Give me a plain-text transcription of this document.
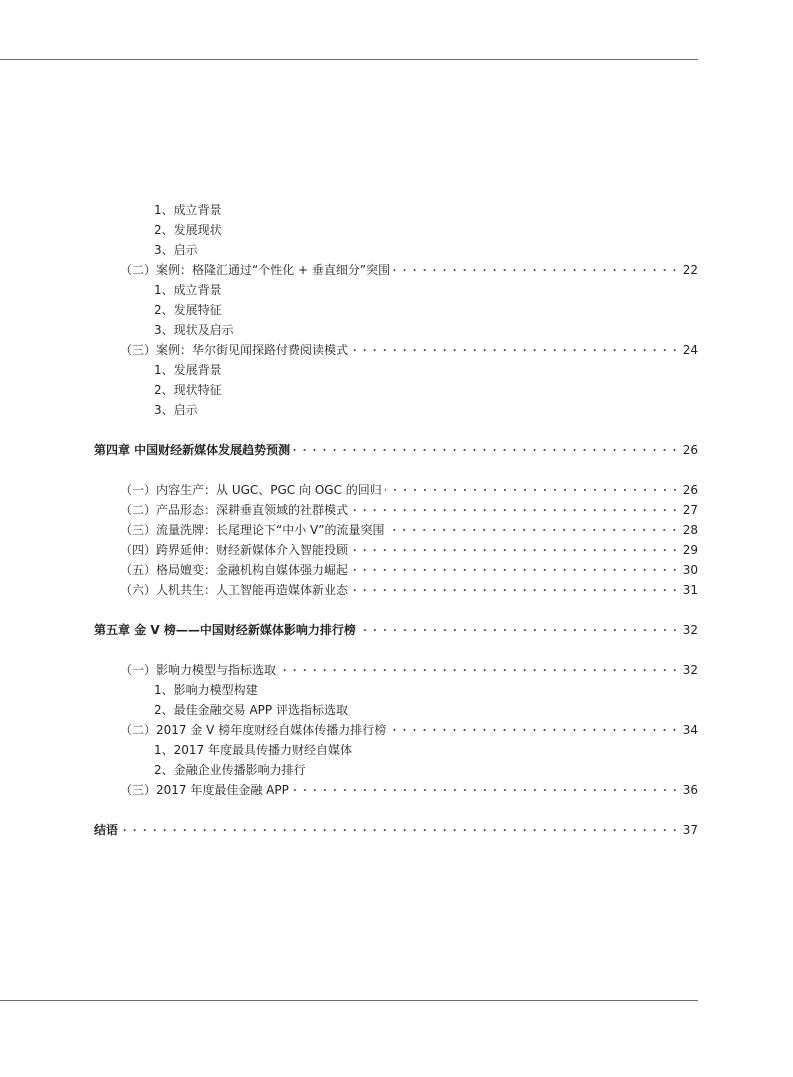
1、成立背景
2、发展现状
3、启示
（二）案例：格隆汇通过“个性化 + 垂直细分”突围	22
1、成立背景
2、发展特征
3、现状及启示
（三）案例：华尔街见闻探路付费阅读模式	24
1、发展背景
2、现状特征
3、启示
第四章 中国财经新媒体发展趋势预测	26
（一）内容生产：从 UGC、PGC 向 OGC 的回归	26
（二）产品形态：深耕垂直领域的社群模式	27
（三）流量洗牌：长尾理论下“中小 V”的流量突围	28
（四）跨界延伸：财经新媒体介入智能投顾	29
（五）格局嬗变：金融机构自媒体强力崛起	30
（六）人机共生：人工智能再造媒体新业态	31
第五章 金 V 榜——中国财经新媒体影响力排行榜	32
（一）影响力模型与指标选取	32
1、影响力模型构建
2、最佳金融交易 APP 评选指标选取
（二）2017 金 V 榜年度财经自媒体传播力排行榜	34
1、2017 年度最具传播力财经自媒体
2、金融企业传播影响力排行
（三）2017 年度最佳金融 APP	36
结语	37
